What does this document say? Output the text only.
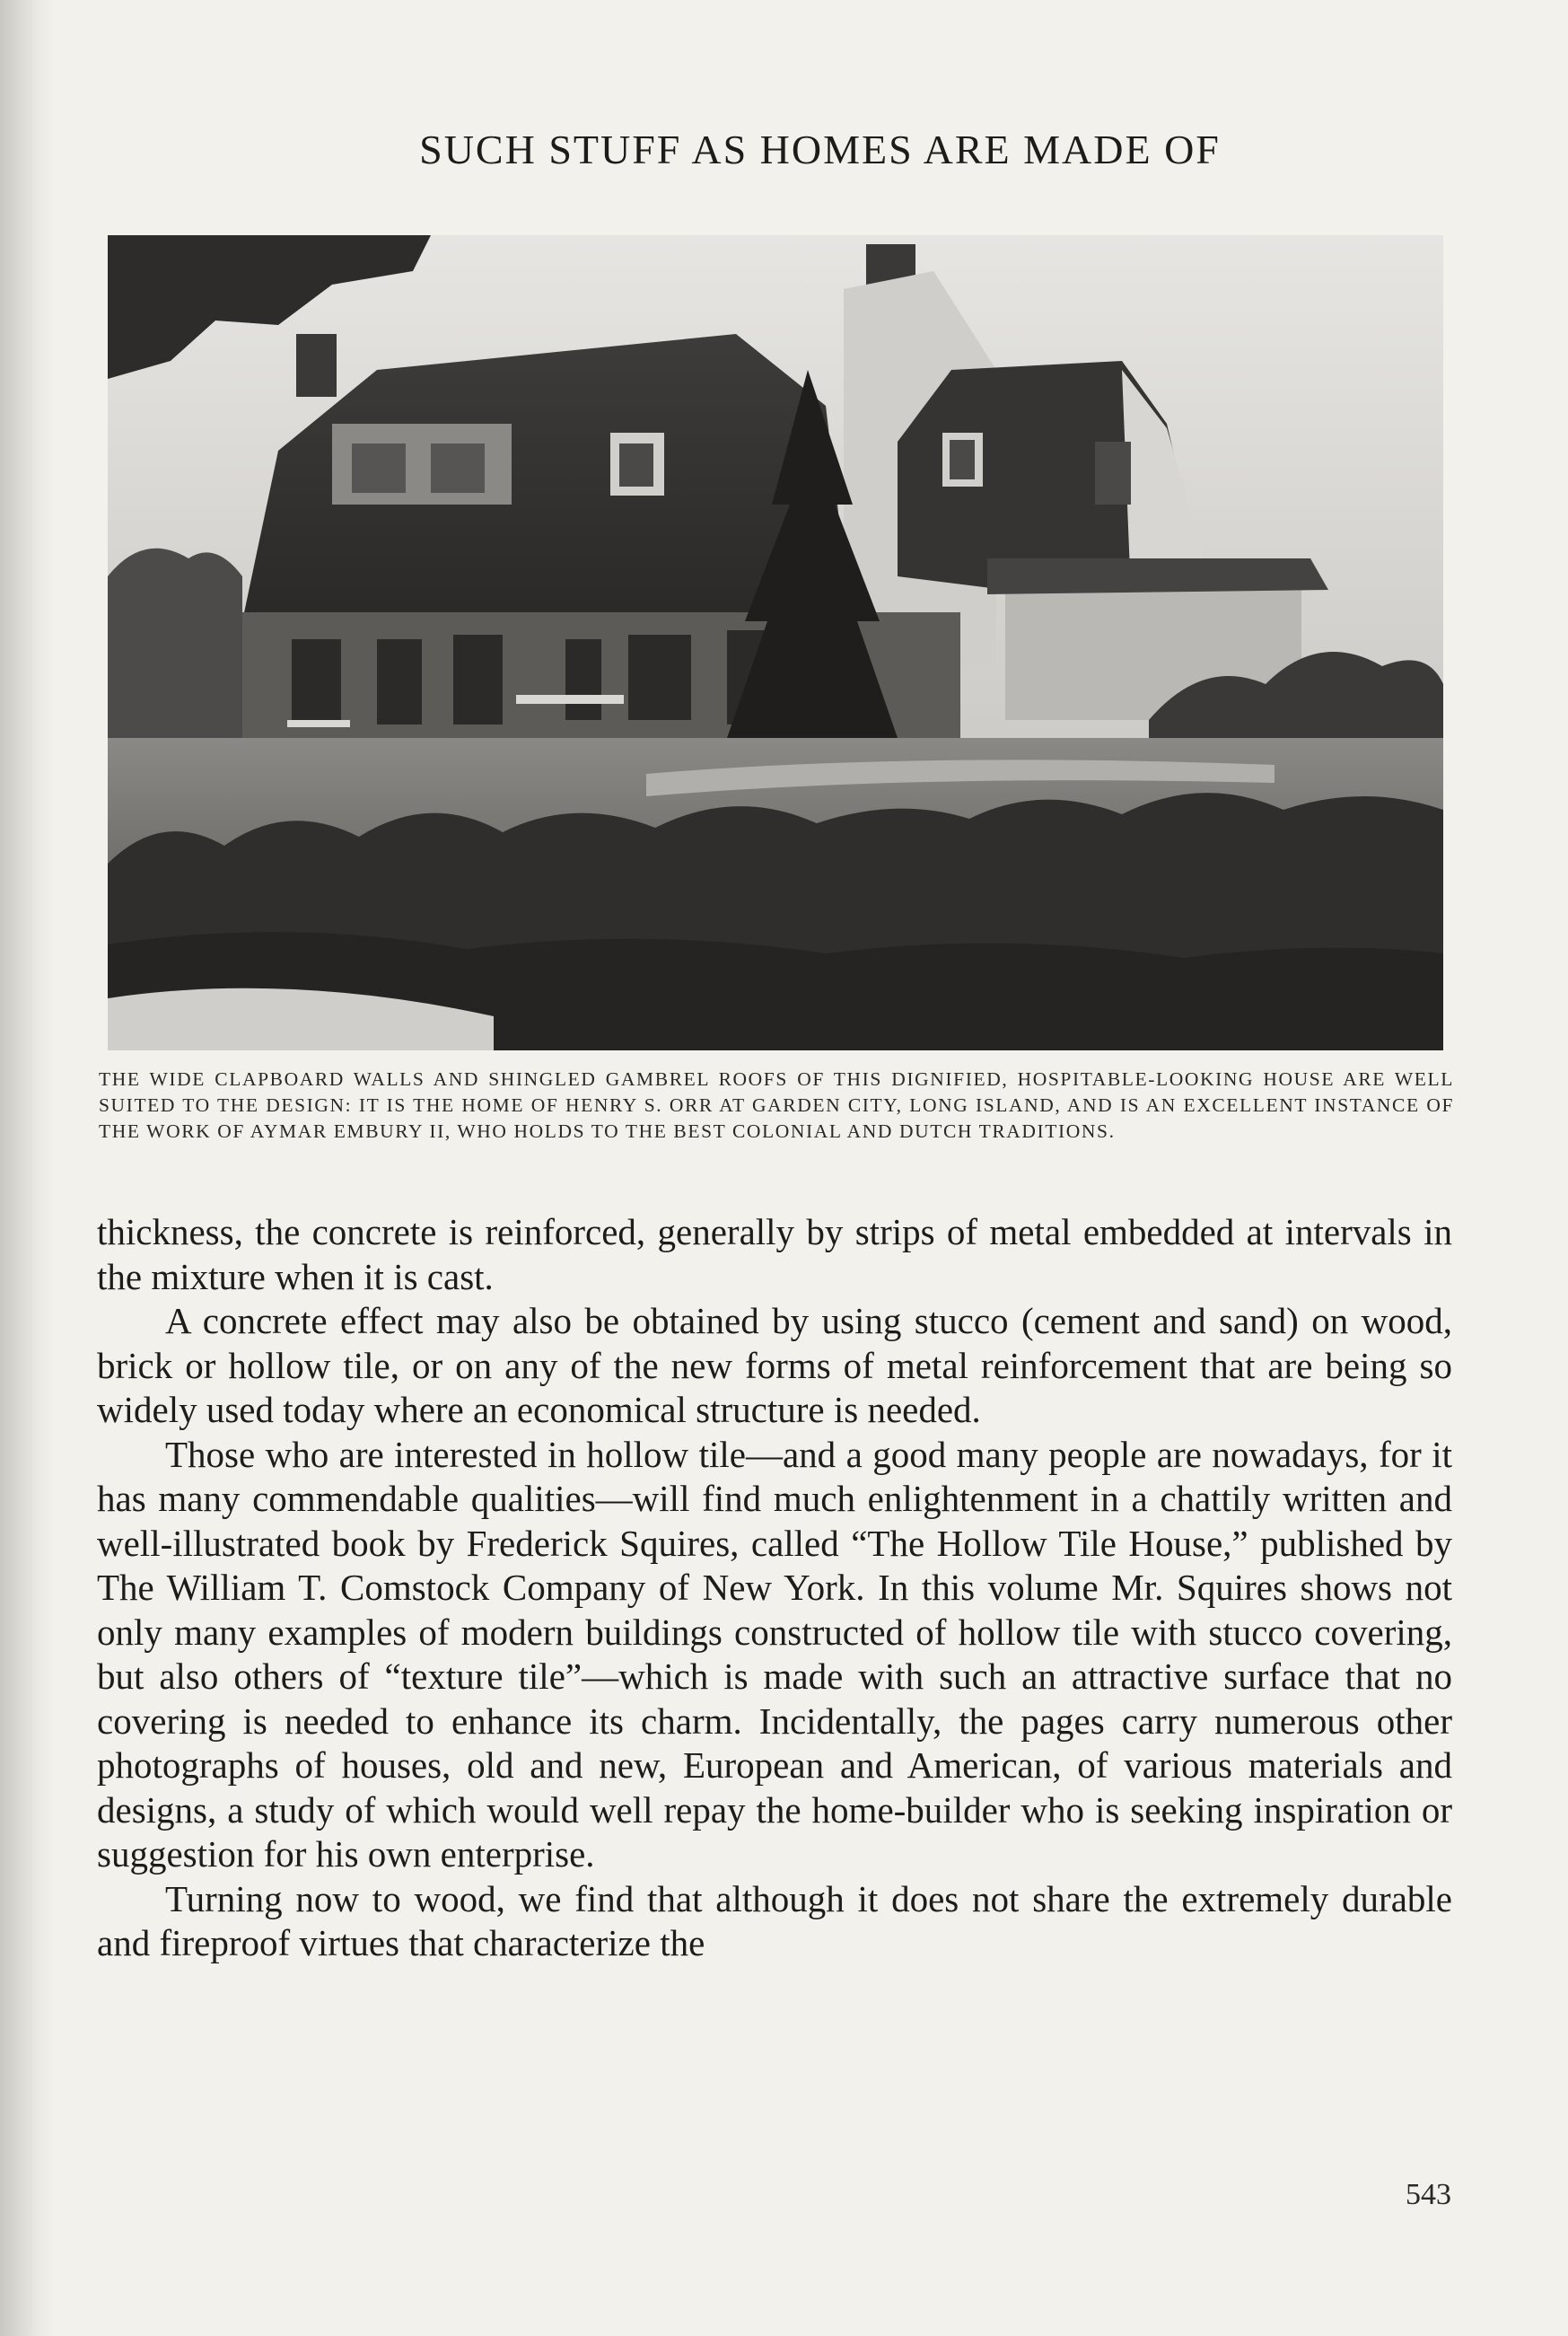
SUCH STUFF AS HOMES ARE MADE OF
THE WIDE CLAPBOARD WALLS AND SHINGLED GAMBREL ROOFS OF THIS DIGNIFIED, HOSPITABLE-LOOKING HOUSE ARE WELL SUITED TO THE DESIGN: IT IS THE HOME OF HENRY S. ORR AT GARDEN CITY, LONG ISLAND, AND IS AN EXCELLENT INSTANCE OF THE WORK OF AYMAR EMBURY II, WHO HOLDS TO THE BEST COLONIAL AND DUTCH TRADITIONS.

thickness, the concrete is reinforced, generally by strips of metal embedded at intervals in the mixture when it is cast.

A concrete effect may also be obtained by using stucco (cement and sand) on wood, brick or hollow tile, or on any of the new forms of metal reinforcement that are being so widely used today where an economical structure is needed.

Those who are interested in hollow tile—and a good many people are nowadays, for it has many commendable qualities—will find much enlightenment in a chattily written and well-illustrated book by Frederick Squires, called “The Hollow Tile House,” published by The William T. Comstock Company of New York. In this volume Mr. Squires shows not only many examples of modern buildings constructed of hollow tile with stucco covering, but also others of “texture tile”—which is made with such an attractive surface that no covering is needed to enhance its charm. Incidentally, the pages carry numerous other photographs of houses, old and new, European and American, of various materials and designs, a study of which would well repay the home-builder who is seeking inspiration or suggestion for his own enterprise.

Turning now to wood, we find that although it does not share the extremely durable and fireproof virtues that characterize the

543
